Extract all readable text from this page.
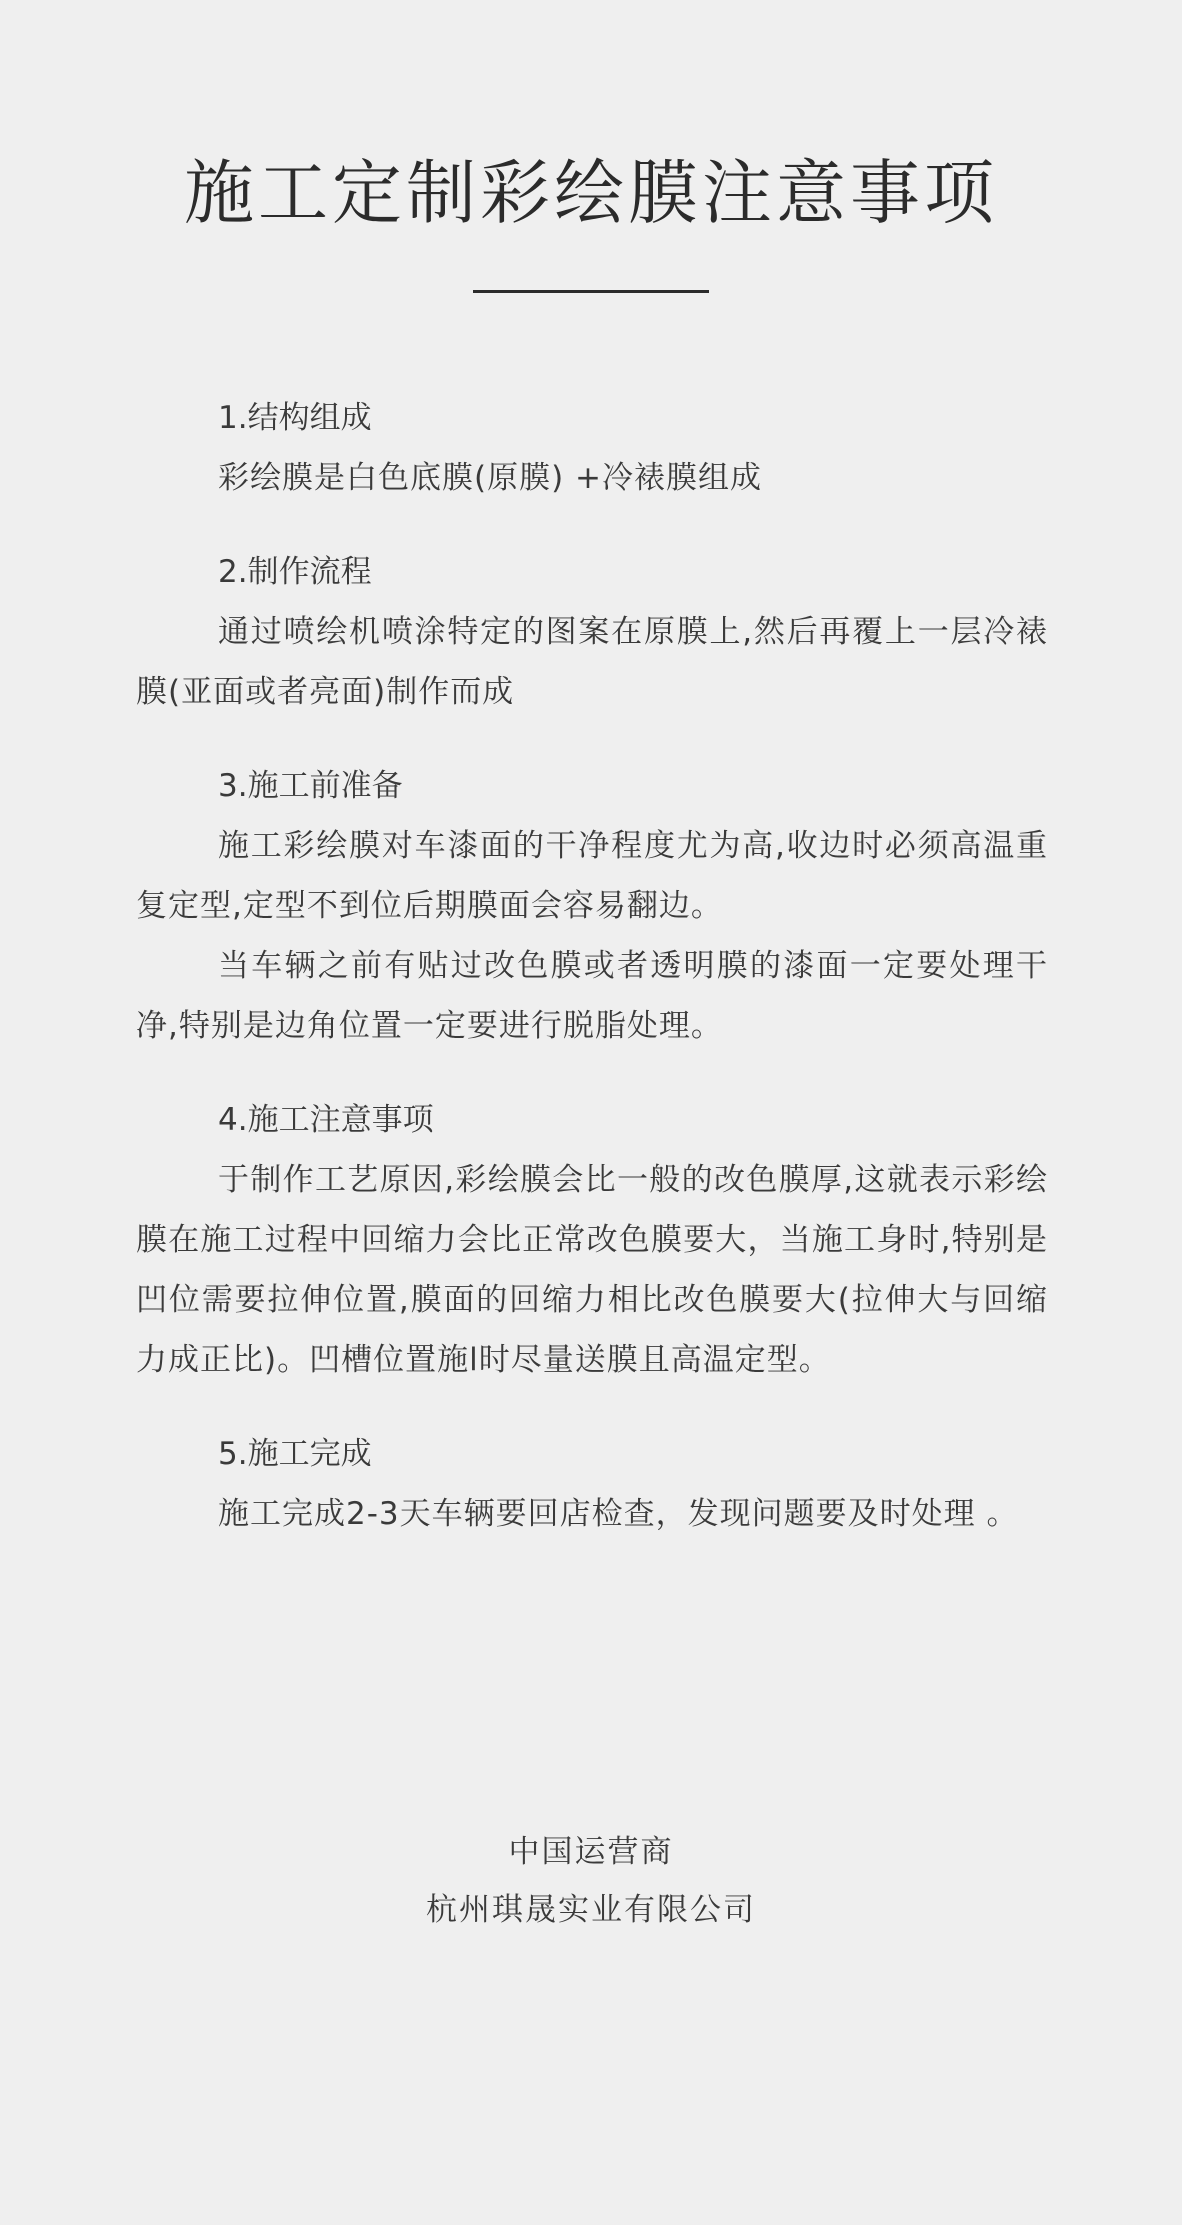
施工定制彩绘膜注意事项
1.结构组成

彩绘膜是白色底膜(原膜) +冷裱膜组成

2.制作流程

通过喷绘机喷涂特定的图案在原膜上,然后再覆上一层冷裱膜(亚面或者亮面)制作而成

3.施工前准备

施工彩绘膜对车漆面的干净程度尤为高,收边时必须高温重复定型,定型不到位后期膜面会容易翻边。

当车辆之前有贴过改色膜或者透明膜的漆面一定要处理干净,特别是边角位置一定要进行脱脂处理。

4.施工注意事项

于制作工艺原因,彩绘膜会比一般的改色膜厚,这就表示彩绘膜在施工过程中回缩力会比正常改色膜要大，当施工身时,特别是凹位需要拉伸位置,膜面的回缩力相比改色膜要大(拉伸大与回缩力成正比)。凹槽位置施l时尽量送膜且高温定型。

5.施工完成

施工完成2-3天车辆要回店检查，发现问题要及时处理 。

中国运营商
杭州琪晟实业有限公司
